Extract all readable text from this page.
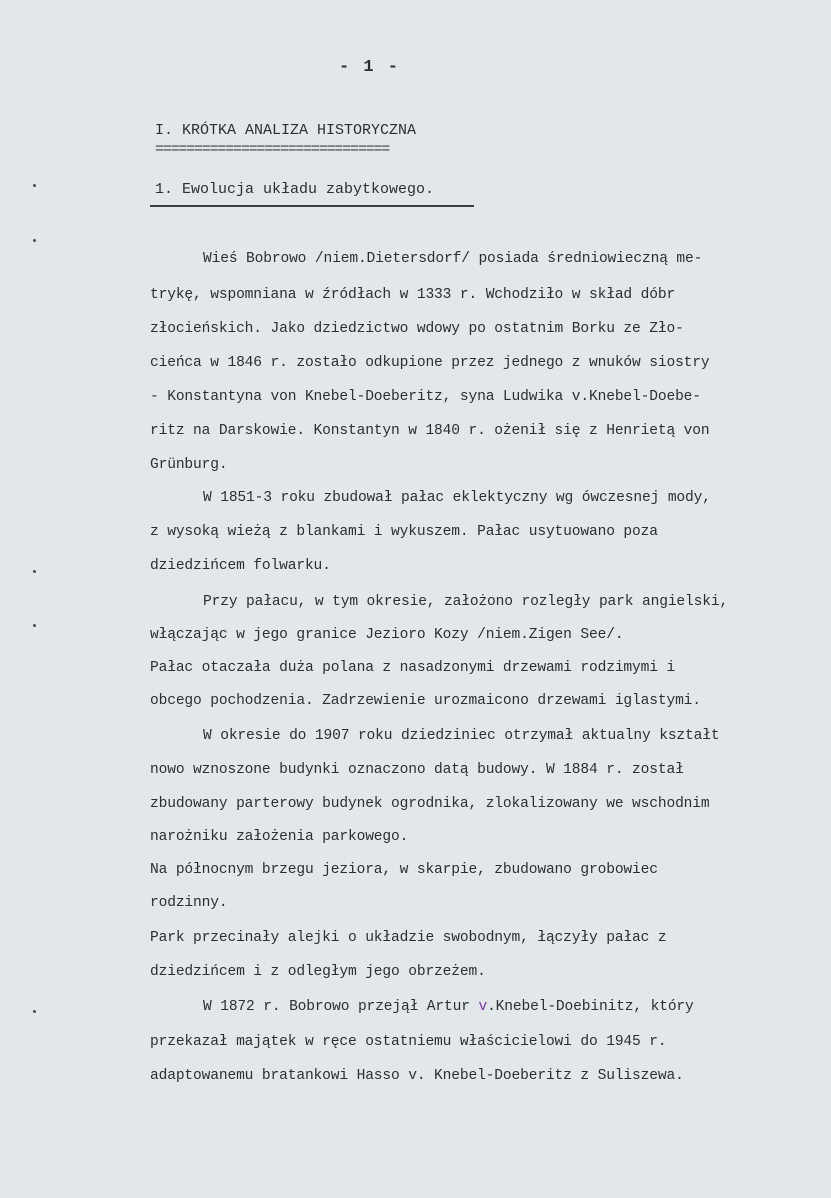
- 1 -
I. KRÓTKA ANALIZA HISTORYCZNA
==============================
1. Ewolucja układu zabytkowego.
Wieś Bobrowo /niem.Dietersdorf/ posiada średniowieczną me-
trykę, wspomniana w źródłach w 1333 r. Wchodziło w skład dóbr
złocieńskich. Jako dziedzictwo wdowy po ostatnim Borku ze Zło-
cieńca w 1846 r. zostało odkupione przez jednego z wnuków siostry
- Konstantyna von Knebel-Doeberitz, syna Ludwika v.Knebel-Doebe-
ritz na Darskowie. Konstantyn w 1840 r. ożenił się z Henrietą von
Grünburg.
W 1851-3 roku zbudował pałac eklektyczny wg ówczesnej mody,
z wysoką wieżą z blankami i wykuszem. Pałac usytuowano poza
dziedzińcem folwarku.
Przy pałacu, w tym okresie, założono rozległy park angielski,
włączając w jego granice Jezioro Kozy /niem.Zigen See/.
Pałac otaczała duża polana z nasadzonymi drzewami rodzimymi i
obcego pochodzenia. Zadrzewienie urozmaicono drzewami iglastymi.
W okresie do 1907 roku dziedziniec otrzymał aktualny kształt
nowo wznoszone budynki oznaczono datą budowy. W 1884 r. został
zbudowany parterowy budynek ogrodnika, zlokalizowany we wschodnim
narożniku założenia parkowego.
Na północnym brzegu jeziora, w skarpie, zbudowano grobowiec
rodzinny.
Park przecinały alejki o układzie swobodnym, łączyły pałac z
dziedzińcem i z odległym jego obrzeżem.
W 1872 r. Bobrowo przejął Artur v.Knebel-Doebinitz, który
przekazał majątek w ręce ostatniemu właścicielowi do 1945 r.
adaptowanemu bratankowi Hasso v. Knebel-Doeberitz z Suliszewa.
